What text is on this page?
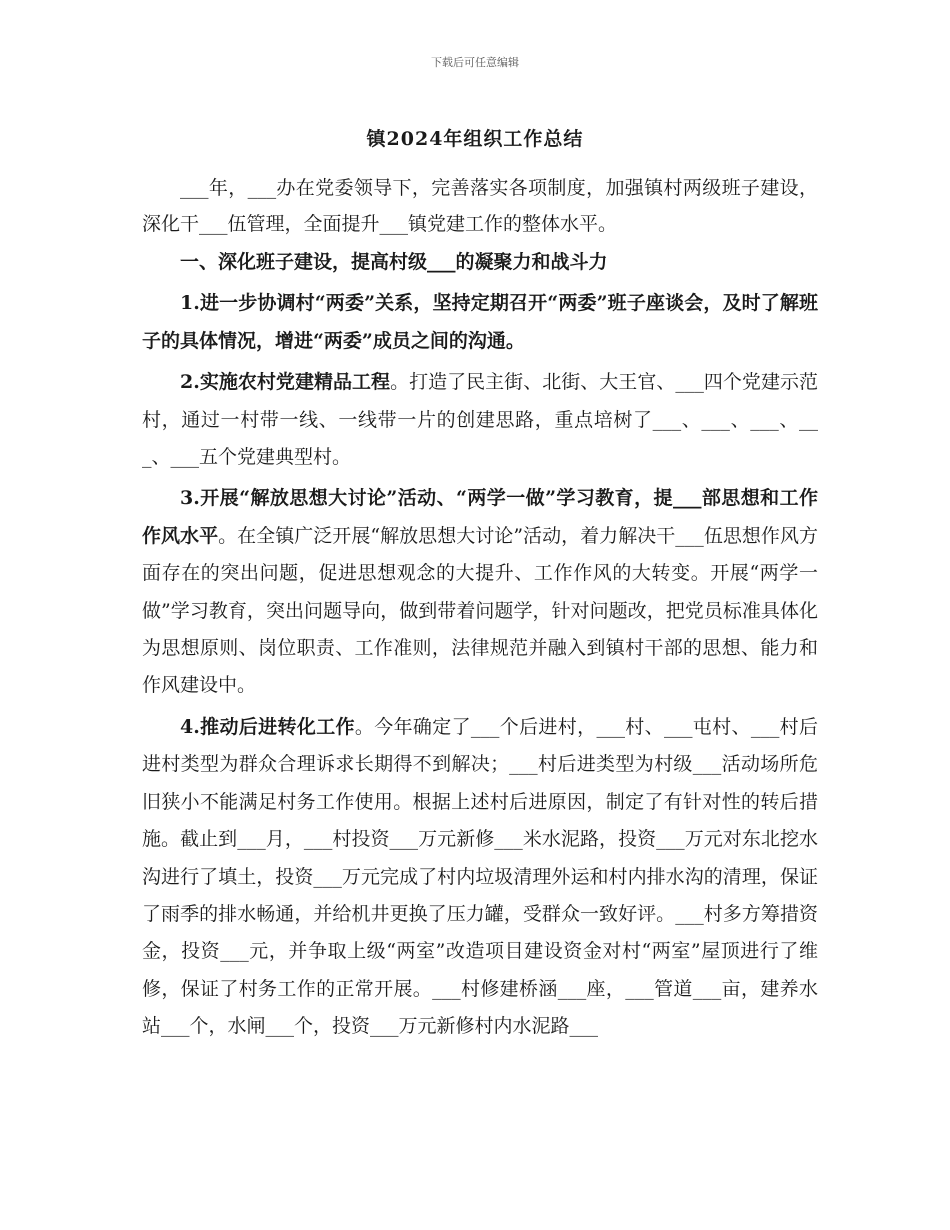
下载后可任意编辑
镇2024年组织工作总结

___年，___办在党委领导下，完善落实各项制度，加强镇村两级班子建设，深化干___伍管理，全面提升___镇党建工作的整体水平。

一、深化班子建设，提高村级___的凝聚力和战斗力

1.进一步协调村“两委”关系，坚持定期召开“两委”班子座谈会，及时了解班子的具体情况，增进“两委”成员之间的沟通。

2.实施农村党建精品工程。打造了民主街、北街、大王官、___四个党建示范村，通过一村带一线、一线带一片的创建思路，重点培树了___、___、___、___、___五个党建典型村。

3.开展“解放思想大讨论”活动、“两学一做”学习教育，提___部思想和工作作风水平。在全镇广泛开展“解放思想大讨论”活动，着力解决干___伍思想作风方面存在的突出问题，促进思想观念的大提升、工作作风的大转变。开展“两学一做”学习教育，突出问题导向，做到带着问题学，针对问题改，把党员标准具体化为思想原则、岗位职责、工作准则，法律规范并融入到镇村干部的思想、能力和作风建设中。

4.推动后进转化工作。今年确定了___个后进村，___村、___屯村、___村后进村类型为群众合理诉求长期得不到解决；___村后进类型为村级___活动场所危旧狭小不能满足村务工作使用。根据上述村后进原因，制定了有针对性的转后措施。截止到___月，___村投资___万元新修___米水泥路，投资___万元对东北挖水沟进行了填土，投资___万元完成了村内垃圾清理外运和村内排水沟的清理，保证了雨季的排水畅通，并给机井更换了压力罐，受群众一致好评。___村多方筹措资金，投资___元，并争取上级“两室”改造项目建设资金对村“两室”屋顶进行了维修，保证了村务工作的正常开展。___村修建桥涵___座，___管道___亩，建养水站___个，水闸___个，投资___万元新修村内水泥路___
